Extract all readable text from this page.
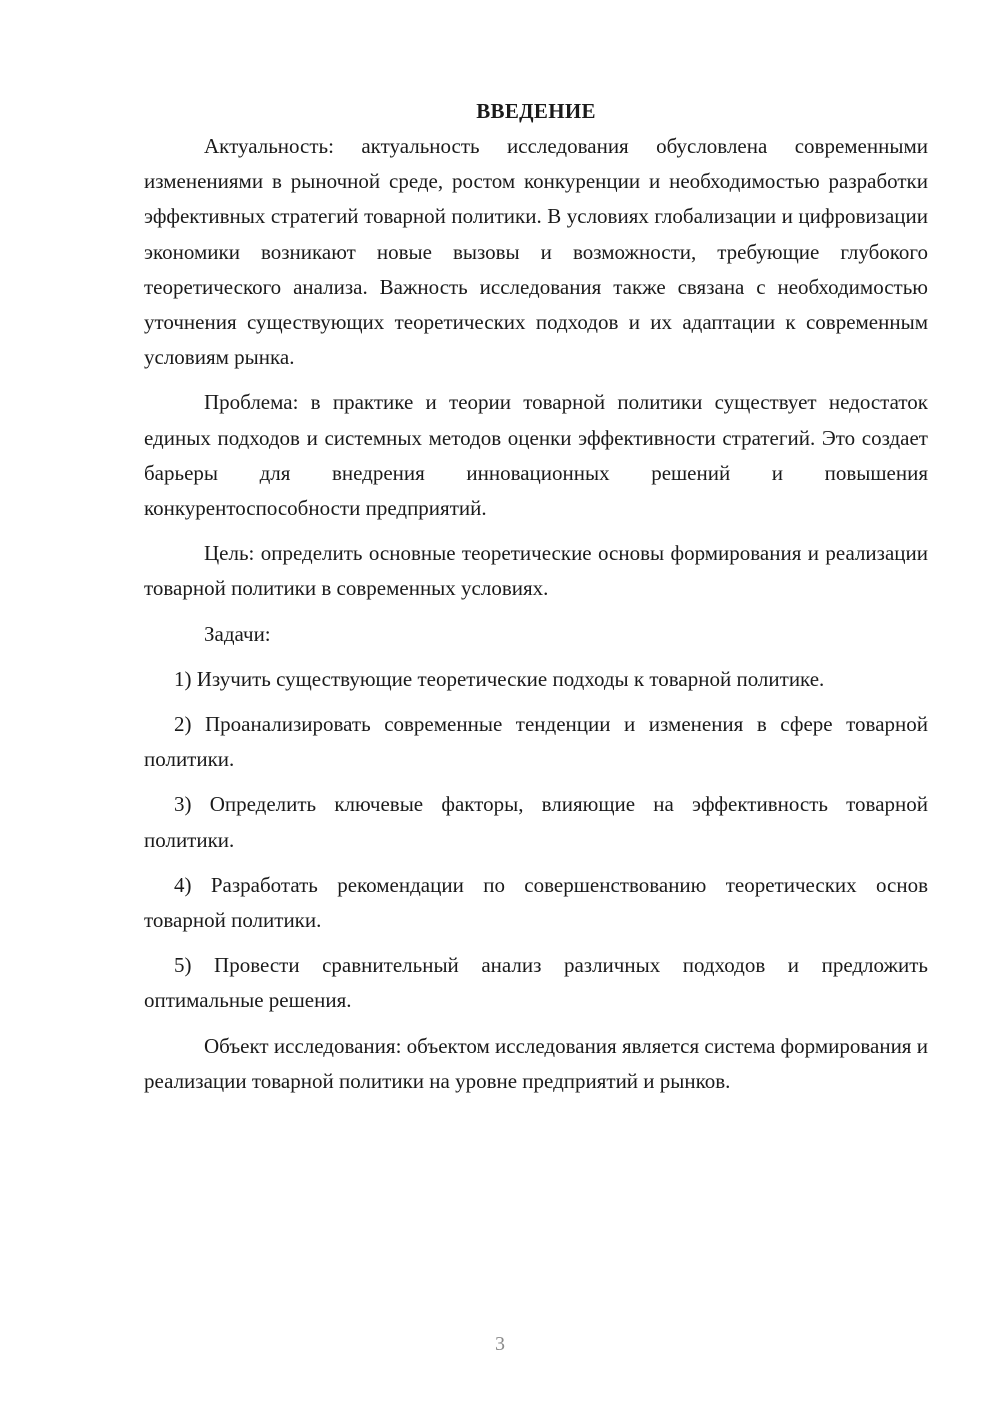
ВВЕДЕНИЕ

Актуальность: актуальность исследования обусловлена современными изменениями в рыночной среде, ростом конкуренции и необходимостью разработки эффективных стратегий товарной политики. В условиях глобализации и цифровизации экономики возникают новые вызовы и возможности, требующие глубокого теоретического анализа. Важность исследования также связана с необходимостью уточнения существующих теоретических подходов и их адаптации к современным условиям рынка.

Проблема: в практике и теории товарной политики существует недостаток единых подходов и системных методов оценки эффективности стратегий. Это создает барьеры для внедрения инновационных решений и повышения конкурентоспособности предприятий.

Цель: определить основные теоретические основы формирования и реализации товарной политики в современных условиях.

Задачи:

1) Изучить существующие теоретические подходы к товарной политике.

2) Проанализировать современные тенденции и изменения в сфере товарной политики.

3) Определить ключевые факторы, влияющие на эффективность товарной политики.

4) Разработать рекомендации по совершенствованию теоретических основ товарной политики.

5) Провести сравнительный анализ различных подходов и предложить оптимальные решения.

Объект исследования: объектом исследования является система формирования и реализации товарной политики на уровне предприятий и рынков.

3
